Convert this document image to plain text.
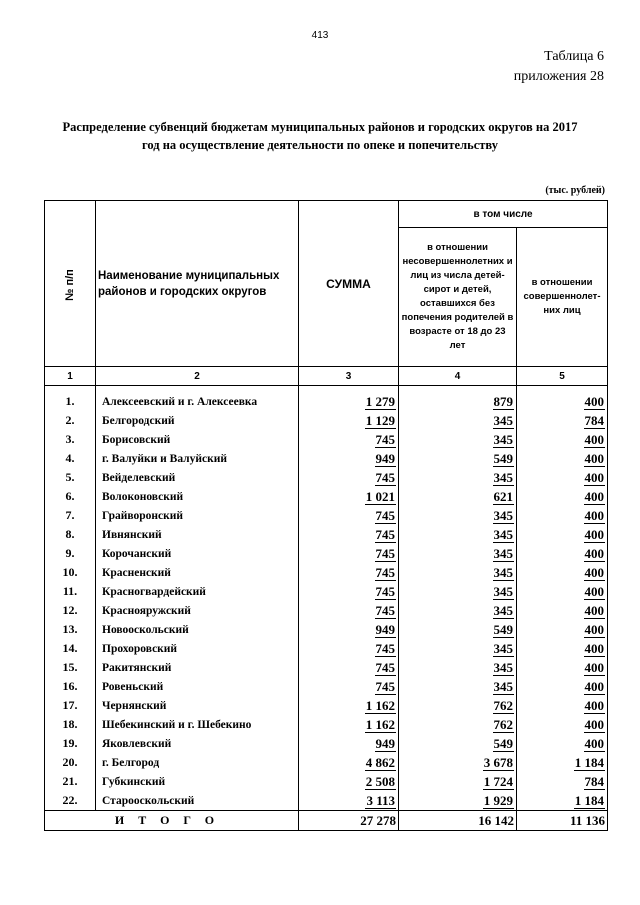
413
Таблица 6
приложения 28
Распределение субвенций бюджетам муниципальных районов и городских округов на 2017
год на осуществление деятельности по опеке и попечительству
(тыс. рублей)
№ п/п	Наименование муниципальных районов и городских округов	СУММА	в том числе	
			в отношении несовершеннолетних и лиц из числа детей-сирот и детей, оставшихся без попечения родителей в возрасте от 18 до 23 лет	в отношении совершеннолет-них лиц
1	2	3	4	5

1.	Алексеевский и г. Алексеевка	1 279	879	400
2.	Белгородский	1 129	345	784
3.	Борисовский	745	345	400
4.	г. Валуйки и Валуйский	949	549	400
5.	Вейделевский	745	345	400
6.	Волоконовский	1 021	621	400
7.	Грайворонский	745	345	400
8.	Ивнянский	745	345	400
9.	Корочанский	745	345	400
10.	Красненский	745	345	400
11.	Красногвардейский	745	345	400
12.	Краснояружский	745	345	400
13.	Новооскольский	949	549	400
14.	Прохоровский	745	345	400
15.	Ракитянский	745	345	400
16.	Ровеньский	745	345	400
17.	Чернянский	1 162	762	400
18.	Шебекинский и г. Шебекино	1 162	762	400
19.	Яковлевский	949	549	400
20.	г. Белгород	4 862	3 678	1 184
21.	Губкинский	2 508	1 724	784
22.	Старооскольский	3 113	1 929	1 184
ИТОГО		27 278	16 142	11 136
